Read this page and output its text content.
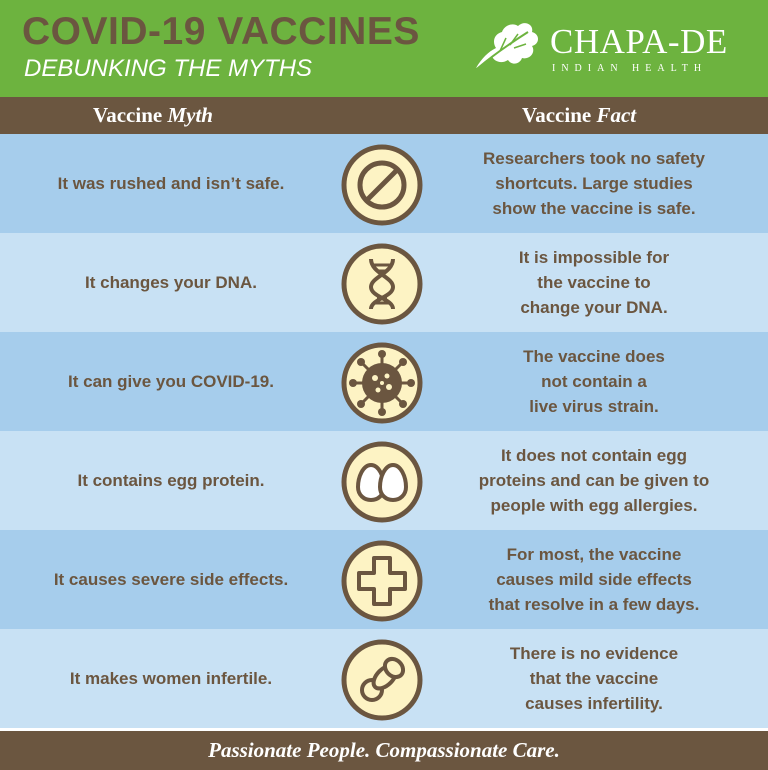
COVID-19 VACCINES
DEBUNKING THE MYTHS
CHAPA-DE
INDIAN HEALTH
Vaccine Myth	Vaccine Fact
It was rushed and isn’t safe.
Researchers took no safety
shortcuts. Large studies
show the vaccine is safe.
It changes your DNA.
It is impossible for
the vaccine to
change your DNA.
It can give you COVID-19.
The vaccine does
not contain a
live virus strain.
It contains egg protein.
It does not contain egg
proteins and can be given to
people with egg allergies.
It causes severe side effects.
For most, the vaccine
causes mild side effects
that resolve in a few days.
It makes women infertile.
There is no evidence
that the vaccine
causes infertility.
Passionate People. Compassionate Care.
